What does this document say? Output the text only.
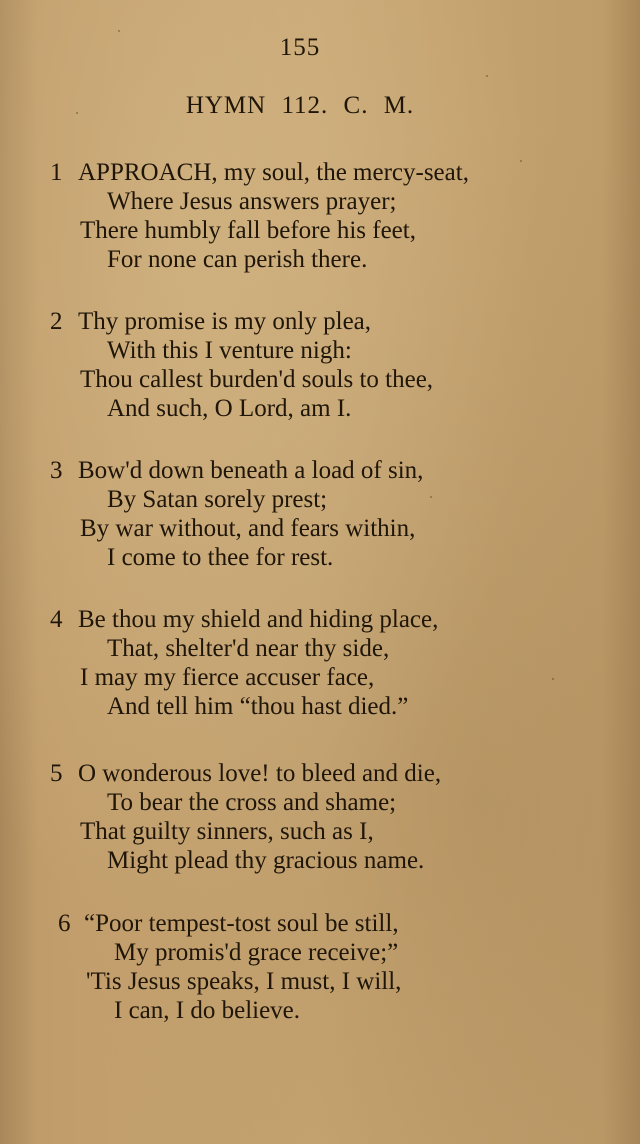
155
HYMN 112. C. M.
1 APPROACH, my soul, the mercy-seat,
Where Jesus answers prayer;
There humbly fall before his feet,
For none can perish there.
2 Thy promise is my only plea,
With this I venture nigh:
Thou callest burden'd souls to thee,
And such, O Lord, am I.
3 Bow'd down beneath a load of sin,
By Satan sorely prest;
By war without, and fears within,
I come to thee for rest.
4 Be thou my shield and hiding place,
That, shelter'd near thy side,
I may my fierce accuser face,
And tell him “thou hast died.”
5 O wonderous love! to bleed and die,
To bear the cross and shame;
That guilty sinners, such as I,
Might plead thy gracious name.
6 “Poor tempest-tost soul be still,
My promis'd grace receive;”
'Tis Jesus speaks, I must, I will,
I can, I do believe.
